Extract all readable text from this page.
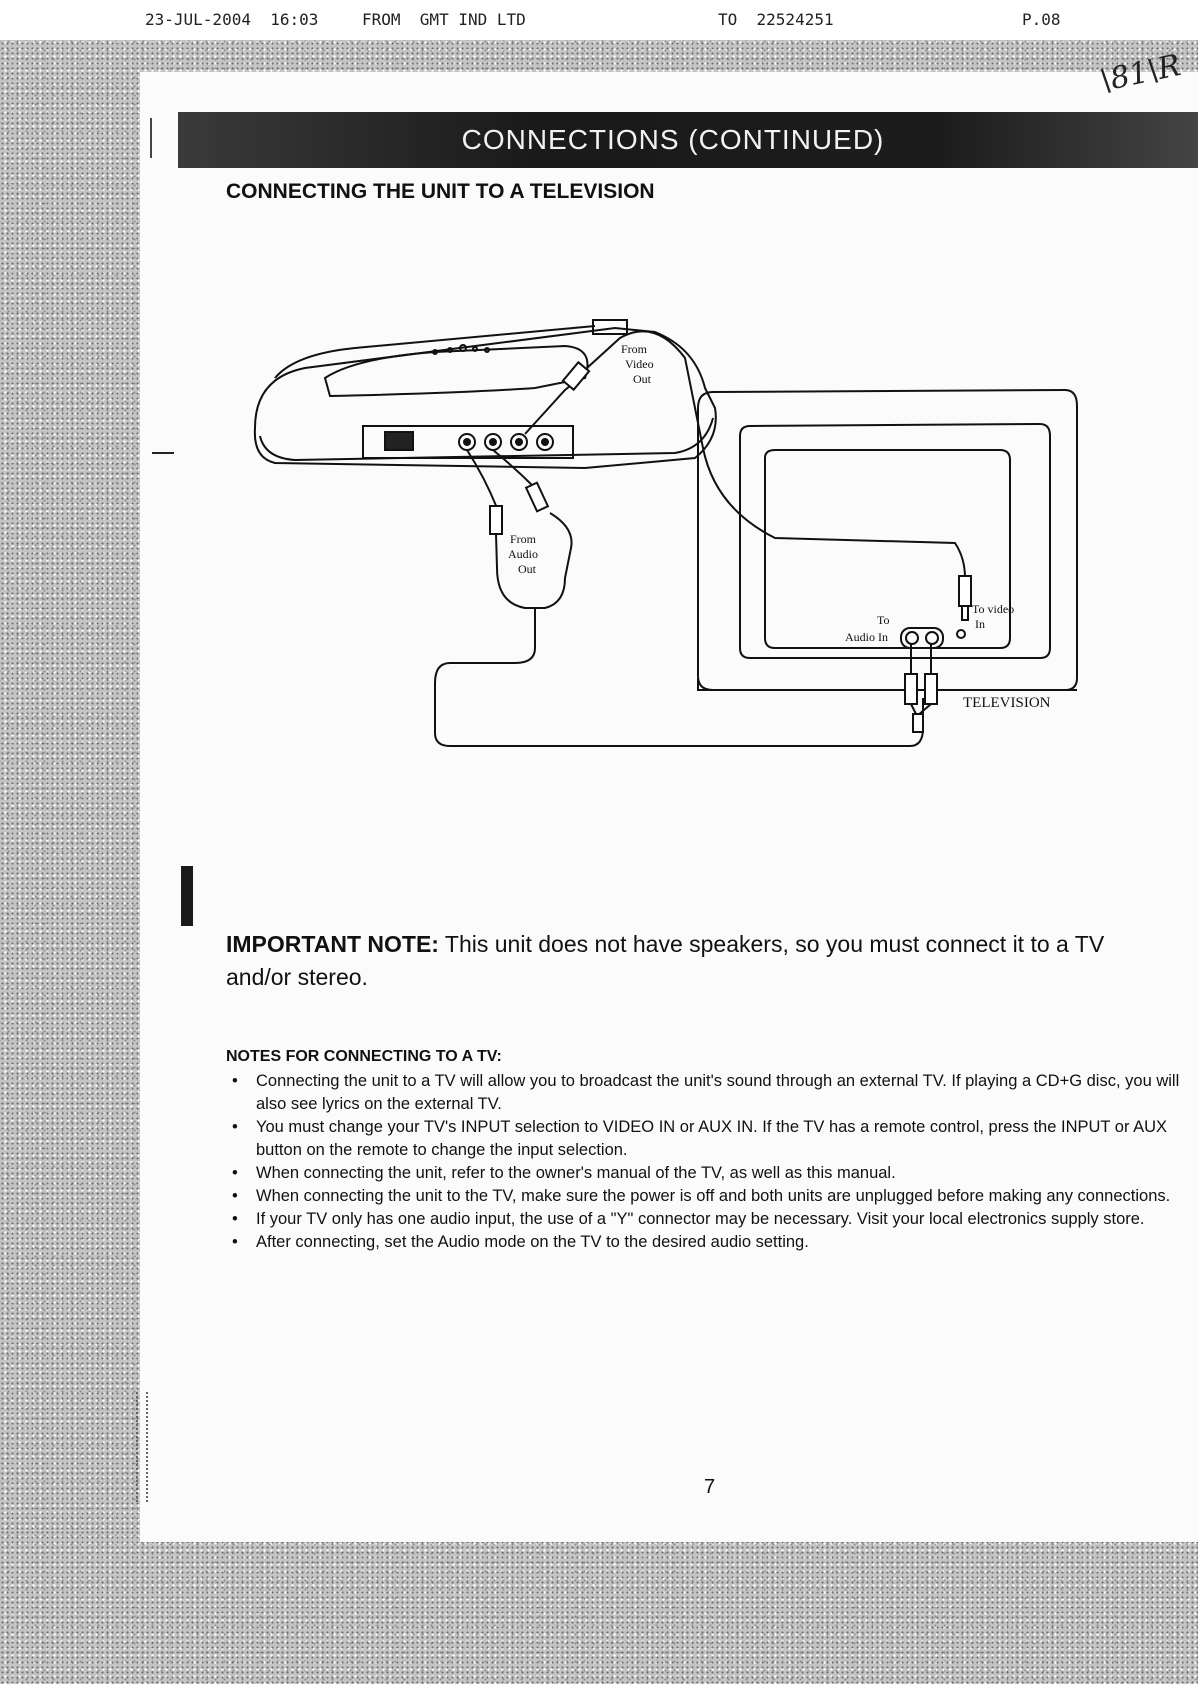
23-JUL-2004  16:03	FROM  GMT IND LTD	TO  22524251	P.08
\81\R
CONNECTIONS (CONTINUED)
CONNECTING THE UNIT TO A TELEVISION
From
Video
Out
From
Audio
Out
To
Audio In
To video
In
TELEVISION
IMPORTANT NOTE: This unit does not have speakers, so you must connect it to a TV and/or stereo.
NOTES FOR CONNECTING TO A TV:
• Connecting the unit to a TV will allow you to broadcast the unit's sound through an external TV. If playing a CD+G disc, you will also see lyrics on the external TV.
• You must change your TV's INPUT selection to VIDEO IN or AUX IN. If the TV has a remote control, press the INPUT or AUX button on the remote to change the input selection.
• When connecting the unit, refer to the owner's manual of the TV, as well as this manual.
• When connecting the unit to the TV, make sure the power is off and both units are unplugged before making any connections.
• If your TV only has one audio input, the use of a "Y" connector may be necessary. Visit your local electronics supply store.
• After connecting, set the Audio mode on the TV to the desired audio setting.
7
